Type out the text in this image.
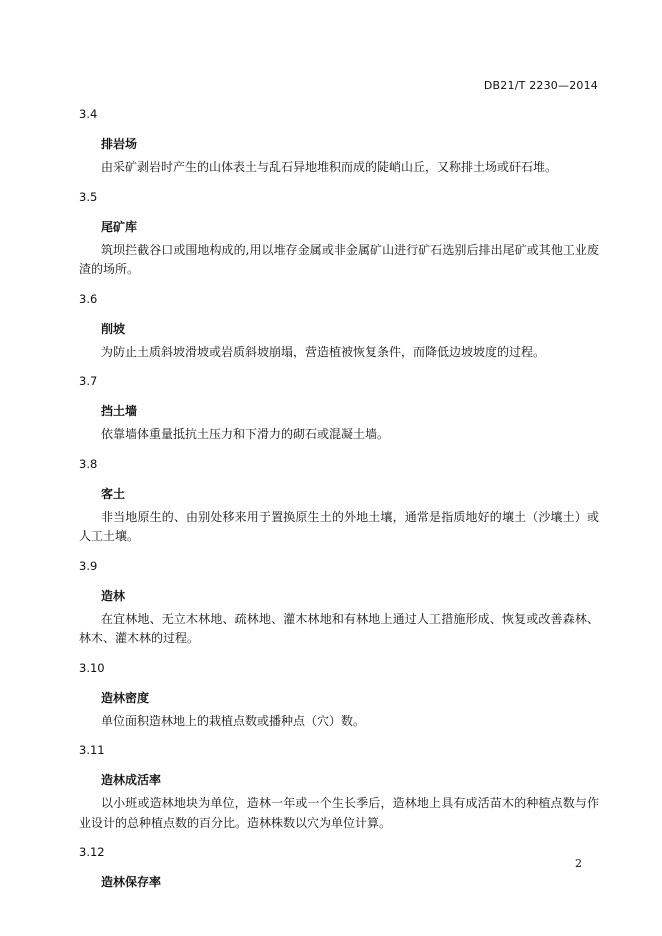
DB21/T 2230—2014
3.4
排岩场
由采矿剥岩时产生的山体表土与乱石异地堆积而成的陡峭山丘，又称排土场或矸石堆。
3.5
尾矿库
筑坝拦截谷口或围地构成的,用以堆存金属或非金属矿山进行矿石选别后排出尾矿或其他工业废渣的场所。
3.6
削坡
为防止土质斜坡滑坡或岩质斜坡崩塌，营造植被恢复条件，而降低边坡坡度的过程。
3.7
挡土墙
依靠墙体重量抵抗土压力和下滑力的砌石或混凝土墙。
3.8
客土
非当地原生的、由别处移来用于置换原生土的外地土壤，通常是指质地好的壤土（沙壤土）或人工土壤。
3.9
造林
在宜林地、无立木林地、疏林地、灌木林地和有林地上通过人工措施形成、恢复或改善森林、林木、灌木林的过程。
3.10
造林密度
单位面积造林地上的栽植点数或播种点（穴）数。
3.11
造林成活率
以小班或造林地块为单位，造林一年或一个生长季后，造林地上具有成活苗木的种植点数与作业设计的总种植点数的百分比。造林株数以穴为单位计算。
3.12
造林保存率
2
